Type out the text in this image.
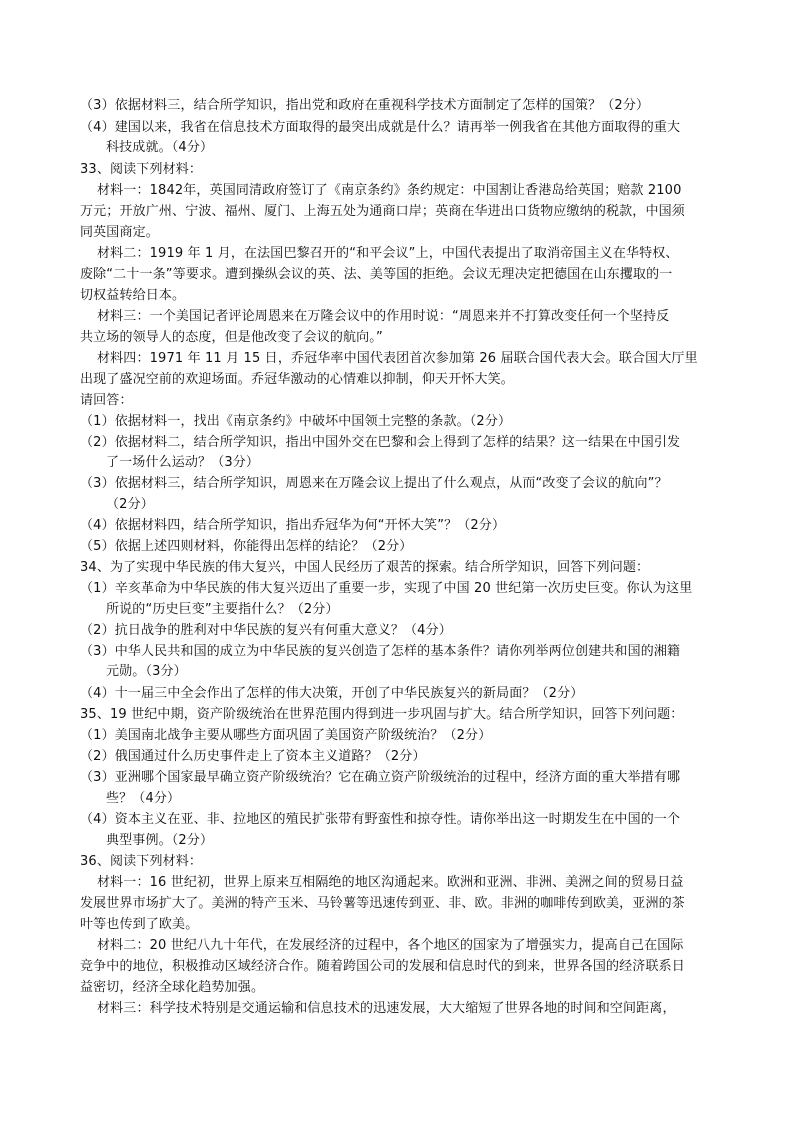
（3）依据材料三，结合所学知识，指出党和政府在重视科学技术方面制定了怎样的国策？（2分）
（4）建国以来，我省在信息技术方面取得的最突出成就是什么？请再举一例我省在其他方面取得的重大
科技成就。（4分）
33、阅读下列材料：
材料一：1842年，英国同清政府签订了《南京条约》条约规定：中国割让香港岛给英国；赔款 2100
万元；开放广州、宁波、福州、厦门、上海五处为通商口岸；英商在华进出口货物应缴纳的税款，中国须
同英国商定。
材料二：1919 年 1 月，在法国巴黎召开的“和平会议”上，中国代表提出了取消帝国主义在华特权、
废除“二十一条”等要求。遭到操纵会议的英、法、美等国的拒绝。会议无理决定把德国在山东攫取的一
切权益转给日本。
材料三：一个美国记者评论周恩来在万隆会议中的作用时说：“周恩来并不打算改变任何一个坚持反
共立场的领导人的态度，但是他改变了会议的航向。”
材料四：1971 年 11 月 15 日，乔冠华率中国代表团首次参加第 26 届联合国代表大会。联合国大厅里
出现了盛况空前的欢迎场面。乔冠华激动的心情难以抑制，仰天开怀大笑。
请回答：
（1）依据材料一，找出《南京条约》中破坏中国领土完整的条款。（2分）
（2）依据材料二，结合所学知识，指出中国外交在巴黎和会上得到了怎样的结果？这一结果在中国引发
了一场什么运动？（3分）
（3）依据材料三，结合所学知识，周恩来在万隆会议上提出了什么观点，从而“改变了会议的航向”？
（2分）
（4）依据材料四，结合所学知识，指出乔冠华为何“开怀大笑”？（2分）
（5）依据上述四则材料，你能得出怎样的结论？（2分）
34、为了实现中华民族的伟大复兴，中国人民经历了艰苦的探索。结合所学知识，回答下列问题：
（1）辛亥革命为中华民族的伟大复兴迈出了重要一步，实现了中国 20 世纪第一次历史巨变。你认为这里
所说的“历史巨变”主要指什么？（2分）
（2）抗日战争的胜利对中华民族的复兴有何重大意义？（4分）
（3）中华人民共和国的成立为中华民族的复兴创造了怎样的基本条件？请你列举两位创建共和国的湘籍
元勋。（3分）
（4）十一届三中全会作出了怎样的伟大决策，开创了中华民族复兴的新局面？（2分）
35、19 世纪中期，资产阶级统治在世界范围内得到进一步巩固与扩大。结合所学知识，回答下列问题：
（1）美国南北战争主要从哪些方面巩固了美国资产阶级统治？（2分）
（2）俄国通过什么历史事件走上了资本主义道路？（2分）
（3）亚洲哪个国家最早确立资产阶级统治？它在确立资产阶级统治的过程中，经济方面的重大举措有哪
些？（4分）
（4）资本主义在亚、非、拉地区的殖民扩张带有野蛮性和掠夺性。请你举出这一时期发生在中国的一个
典型事例。（2分）
36、阅读下列材料：
材料一：16 世纪初，世界上原来互相隔绝的地区沟通起来。欧洲和亚洲、非洲、美洲之间的贸易日益
发展世界市场扩大了。美洲的特产玉米、马铃薯等迅速传到亚、非、欧。非洲的咖啡传到欧美，亚洲的茶
叶等也传到了欧美。
材料二：20 世纪八九十年代，在发展经济的过程中，各个地区的国家为了增强实力，提高自己在国际
竞争中的地位，积极推动区域经济合作。随着跨国公司的发展和信息时代的到来，世界各国的经济联系日
益密切，经济全球化趋势加强。
材料三：科学技术特别是交通运输和信息技术的迅速发展，大大缩短了世界各地的时间和空间距离，
